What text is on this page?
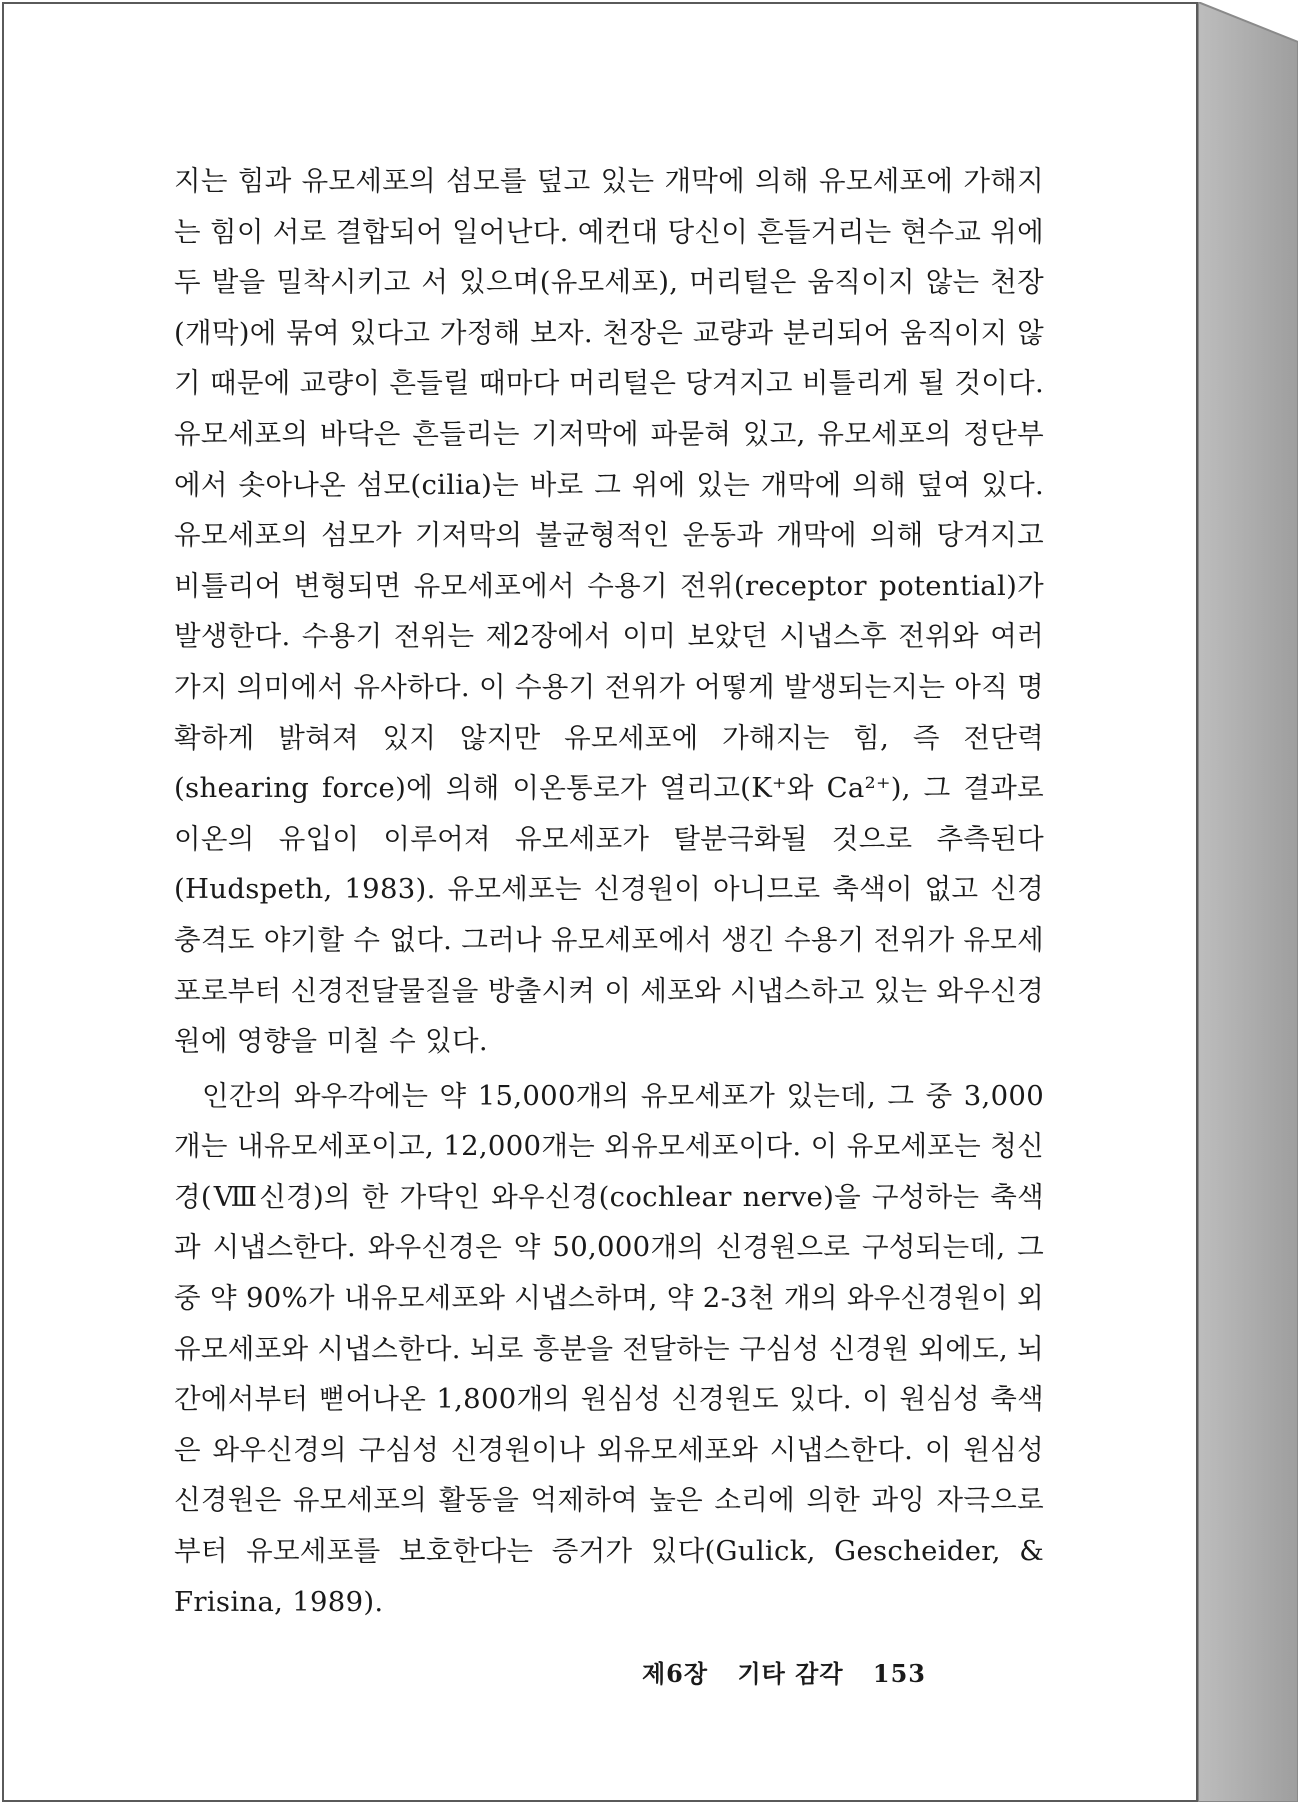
지는 힘과 유모세포의 섬모를 덮고 있는 개막에 의해 유모세포에 가해지는 힘이 서로 결합되어 일어난다. 예컨대 당신이 흔들거리는 현수교 위에 두 발을 밀착시키고 서 있으며(유모세포), 머리털은 움직이지 않는 천장(개막)에 묶여 있다고 가정해 보자. 천장은 교량과 분리되어 움직이지 않기 때문에 교량이 흔들릴 때마다 머리털은 당겨지고 비틀리게 될 것이다. 유모세포의 바닥은 흔들리는 기저막에 파묻혀 있고, 유모세포의 정단부에서 솟아나온 섬모(cilia)는 바로 그 위에 있는 개막에 의해 덮여 있다. 유모세포의 섬모가 기저막의 불균형적인 운동과 개막에 의해 당겨지고 비틀리어 변형되면 유모세포에서 수용기 전위(receptor potential)가 발생한다. 수용기 전위는 제2장에서 이미 보았던 시냅스후 전위와 여러 가지 의미에서 유사하다. 이 수용기 전위가 어떻게 발생되는지는 아직 명확하게 밝혀져 있지 않지만 유모세포에 가해지는 힘, 즉 전단력(shearing force)에 의해 이온통로가 열리고(K⁺와 Ca²⁺), 그 결과로 이온의 유입이 이루어져 유모세포가 탈분극화될 것으로 추측된다(Hudspeth, 1983). 유모세포는 신경원이 아니므로 축색이 없고 신경충격도 야기할 수 없다. 그러나 유모세포에서 생긴 수용기 전위가 유모세포로부터 신경전달물질을 방출시켜 이 세포와 시냅스하고 있는 와우신경원에 영향을 미칠 수 있다.

인간의 와우각에는 약 15,000개의 유모세포가 있는데, 그 중 3,000개는 내유모세포이고, 12,000개는 외유모세포이다. 이 유모세포는 청신경(Ⅷ신경)의 한 가닥인 와우신경(cochlear nerve)을 구성하는 축색과 시냅스한다. 와우신경은 약 50,000개의 신경원으로 구성되는데, 그 중 약 90%가 내유모세포와 시냅스하며, 약 2-3천 개의 와우신경원이 외유모세포와 시냅스한다. 뇌로 흥분을 전달하는 구심성 신경원 외에도, 뇌간에서부터 뻗어나온 1,800개의 원심성 신경원도 있다. 이 원심성 축색은 와우신경의 구심성 신경원이나 외유모세포와 시냅스한다. 이 원심성 신경원은 유모세포의 활동을 억제하여 높은 소리에 의한 과잉 자극으로부터 유모세포를 보호한다는 증거가 있다(Gulick, Gescheider, & Frisina, 1989).

제6장 기타 감각 153
